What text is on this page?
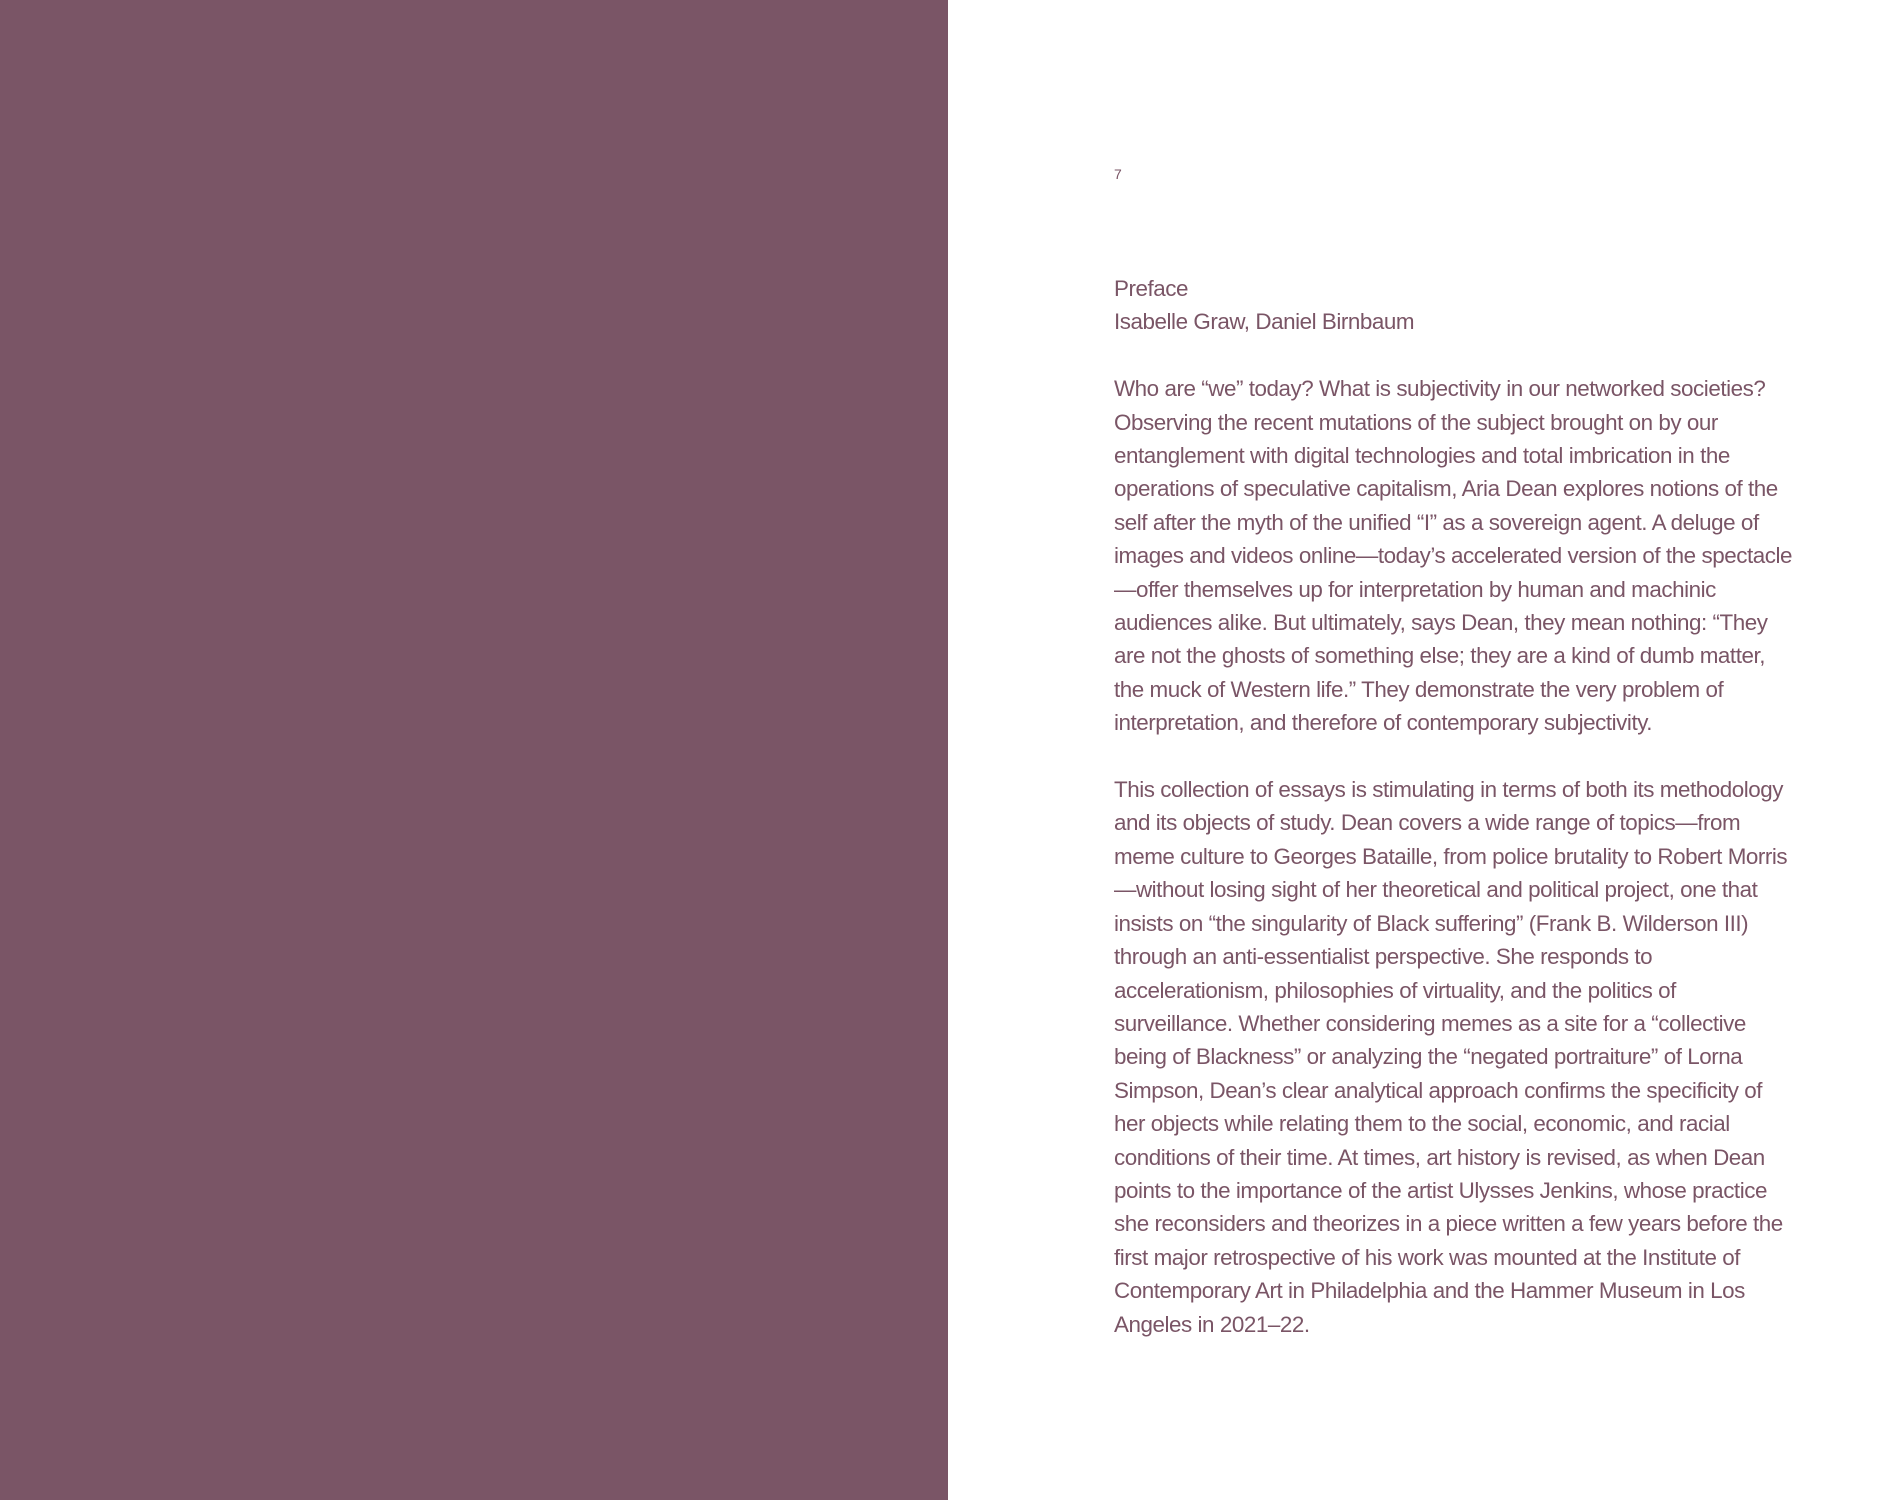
7

Preface

Isabelle Graw, Daniel Birnbaum

Who are “we” today? What is subjectivity in our networked societies? Observing the recent mutations of the subject brought on by our entanglement with digital technologies and total imbrication in the operations of speculative capitalism, Aria Dean explores notions of the self after the myth of the unified “I” as a sovereign agent. A deluge of images and videos online—today’s accelerated version of the spectacle—offer themselves up for interpretation by human and machinic audiences alike. But ultimately, says Dean, they mean nothing: “They are not the ghosts of something else; they are a kind of dumb matter, the muck of Western life.” They demonstrate the very problem of interpretation, and therefore of contemporary subjectivity.

This collection of essays is stimulating in terms of both its methodology and its objects of study. Dean covers a wide range of topics—from meme culture to Georges Bataille, from police brutality to Robert Morris—without losing sight of her theoretical and political project, one that insists on “the singularity of Black suffering” (Frank B. Wilderson III) through an anti-essentialist perspective. She responds to accelerationism, philosophies of virtuality, and the politics of surveillance. Whether considering memes as a site for a “collective being of Blackness” or analyzing the “negated portraiture” of Lorna Simpson, Dean’s clear analytical approach confirms the specificity of her objects while relating them to the social, economic, and racial conditions of their time. At times, art history is revised, as when Dean points to the importance of the artist Ulysses Jenkins, whose practice she reconsiders and theorizes in a piece written a few years before the first major retrospective of his work was mounted at the Institute of Contemporary Art in Philadelphia and the Hammer Museum in Los Angeles in 2021–22.
